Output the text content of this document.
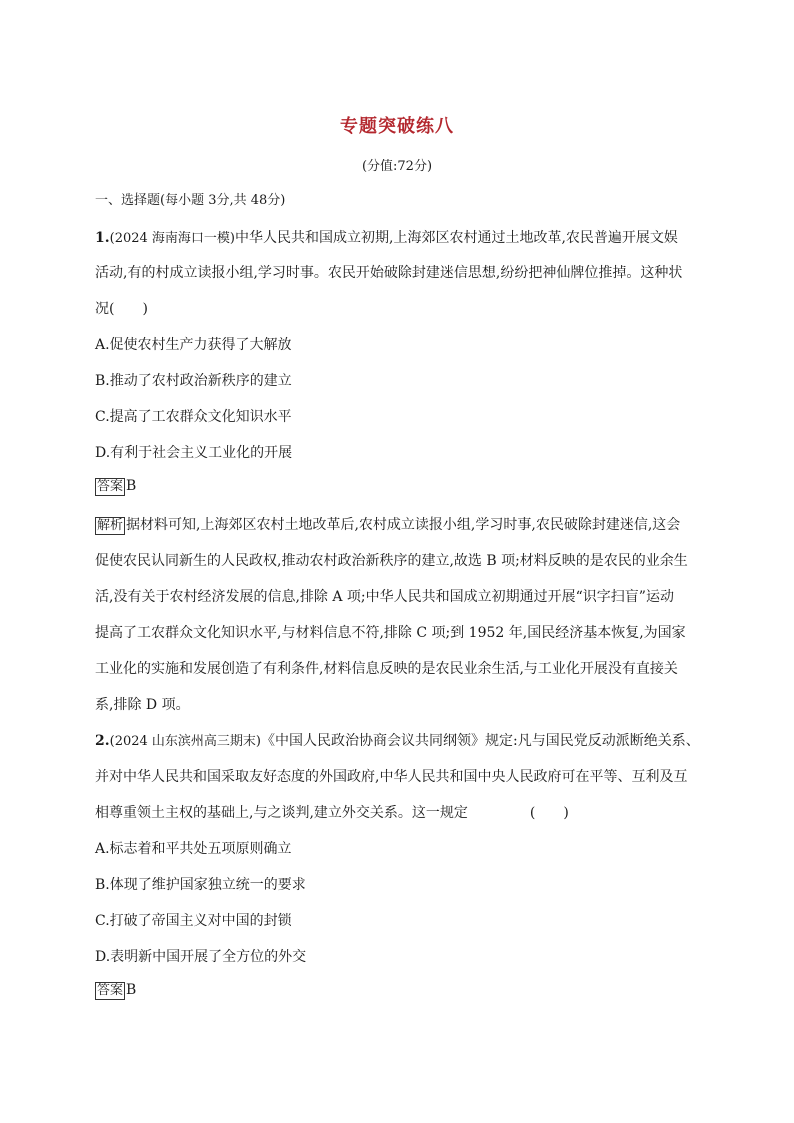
专题突破练八
(分值:72分)
一、选择题(每小题 3分,共 48分)
1.(2024 海南海口一模)中华人民共和国成立初期,上海郊区农村通过土地改革,农民普遍开展文娱
活动,有的村成立读报小组,学习时事。农民开始破除封建迷信思想,纷纷把神仙牌位推掉。这种状
况(　　)
A.促使农村生产力获得了大解放
B.推动了农村政治新秩序的建立
C.提高了工农群众文化知识水平
D.有利于社会主义工业化的开展
答案 B
解析 据材料可知,上海郊区农村土地改革后,农村成立读报小组,学习时事,农民破除封建迷信,这会
促使农民认同新生的人民政权,推动农村政治新秩序的建立,故选 B 项;材料反映的是农民的业余生
活,没有关于农村经济发展的信息,排除 A 项;中华人民共和国成立初期通过开展“识字扫盲”运动
提高了工农群众文化知识水平,与材料信息不符,排除 C 项;到 1952 年,国民经济基本恢复,为国家
工业化的实施和发展创造了有利条件,材料信息反映的是农民业余生活,与工业化开展没有直接关
系,排除 D 项。
2.(2024 山东滨州高三期末)《中国人民政治协商会议共同纲领》规定:凡与国民党反动派断绝关系、
并对中华人民共和国采取友好态度的外国政府,中华人民共和国中央人民政府可在平等、互利及互
相尊重领土主权的基础上,与之谈判,建立外交关系。这一规定	(　　)
A.标志着和平共处五项原则确立
B.体现了维护国家独立统一的要求
C.打破了帝国主义对中国的封锁
D.表明新中国开展了全方位的外交
答案 B
